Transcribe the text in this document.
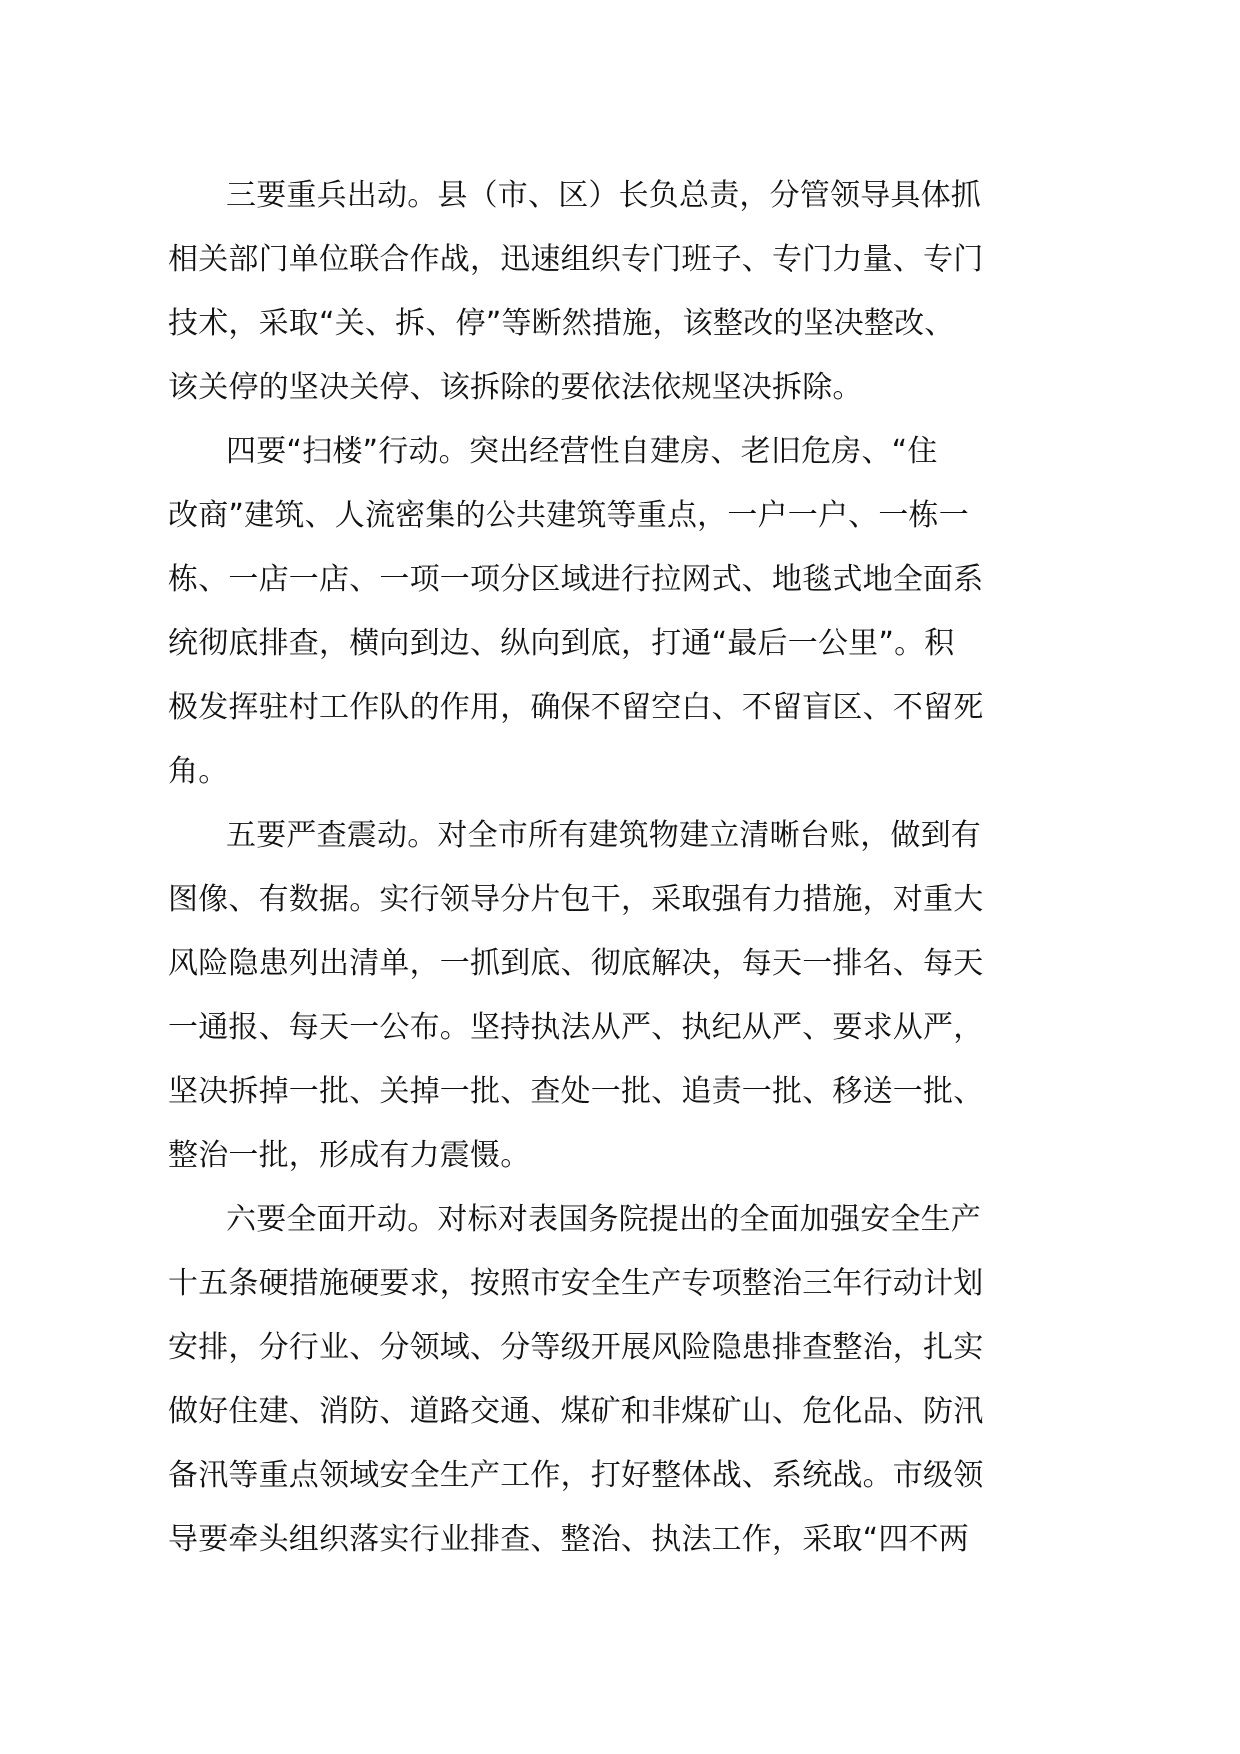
三要重兵出动。县（市、区）长负总责，分管领导具体抓
相关部门单位联合作战，迅速组织专门班子、专门力量、专门
技术，采取“关、拆、停”等断然措施，该整改的坚决整改、
该关停的坚决关停、该拆除的要依法依规坚决拆除。
四要“扫楼”行动。突出经营性自建房、老旧危房、“住
改商”建筑、人流密集的公共建筑等重点，一户一户、一栋一
栋、一店一店、一项一项分区域进行拉网式、地毯式地全面系
统彻底排查，横向到边、纵向到底，打通“最后一公里”。积
极发挥驻村工作队的作用，确保不留空白、不留盲区、不留死
角。
五要严查震动。对全市所有建筑物建立清晰台账，做到有
图像、有数据。实行领导分片包干，采取强有力措施，对重大
风险隐患列出清单，一抓到底、彻底解决，每天一排名、每天
一通报、每天一公布。坚持执法从严、执纪从严、要求从严，
坚决拆掉一批、关掉一批、查处一批、追责一批、移送一批、
整治一批，形成有力震慑。
六要全面开动。对标对表国务院提出的全面加强安全生产
十五条硬措施硬要求，按照市安全生产专项整治三年行动计划
安排，分行业、分领域、分等级开展风险隐患排查整治，扎实
做好住建、消防、道路交通、煤矿和非煤矿山、危化品、防汛
备汛等重点领域安全生产工作，打好整体战、系统战。市级领
导要牵头组织落实行业排查、整治、执法工作，采取“四不两
